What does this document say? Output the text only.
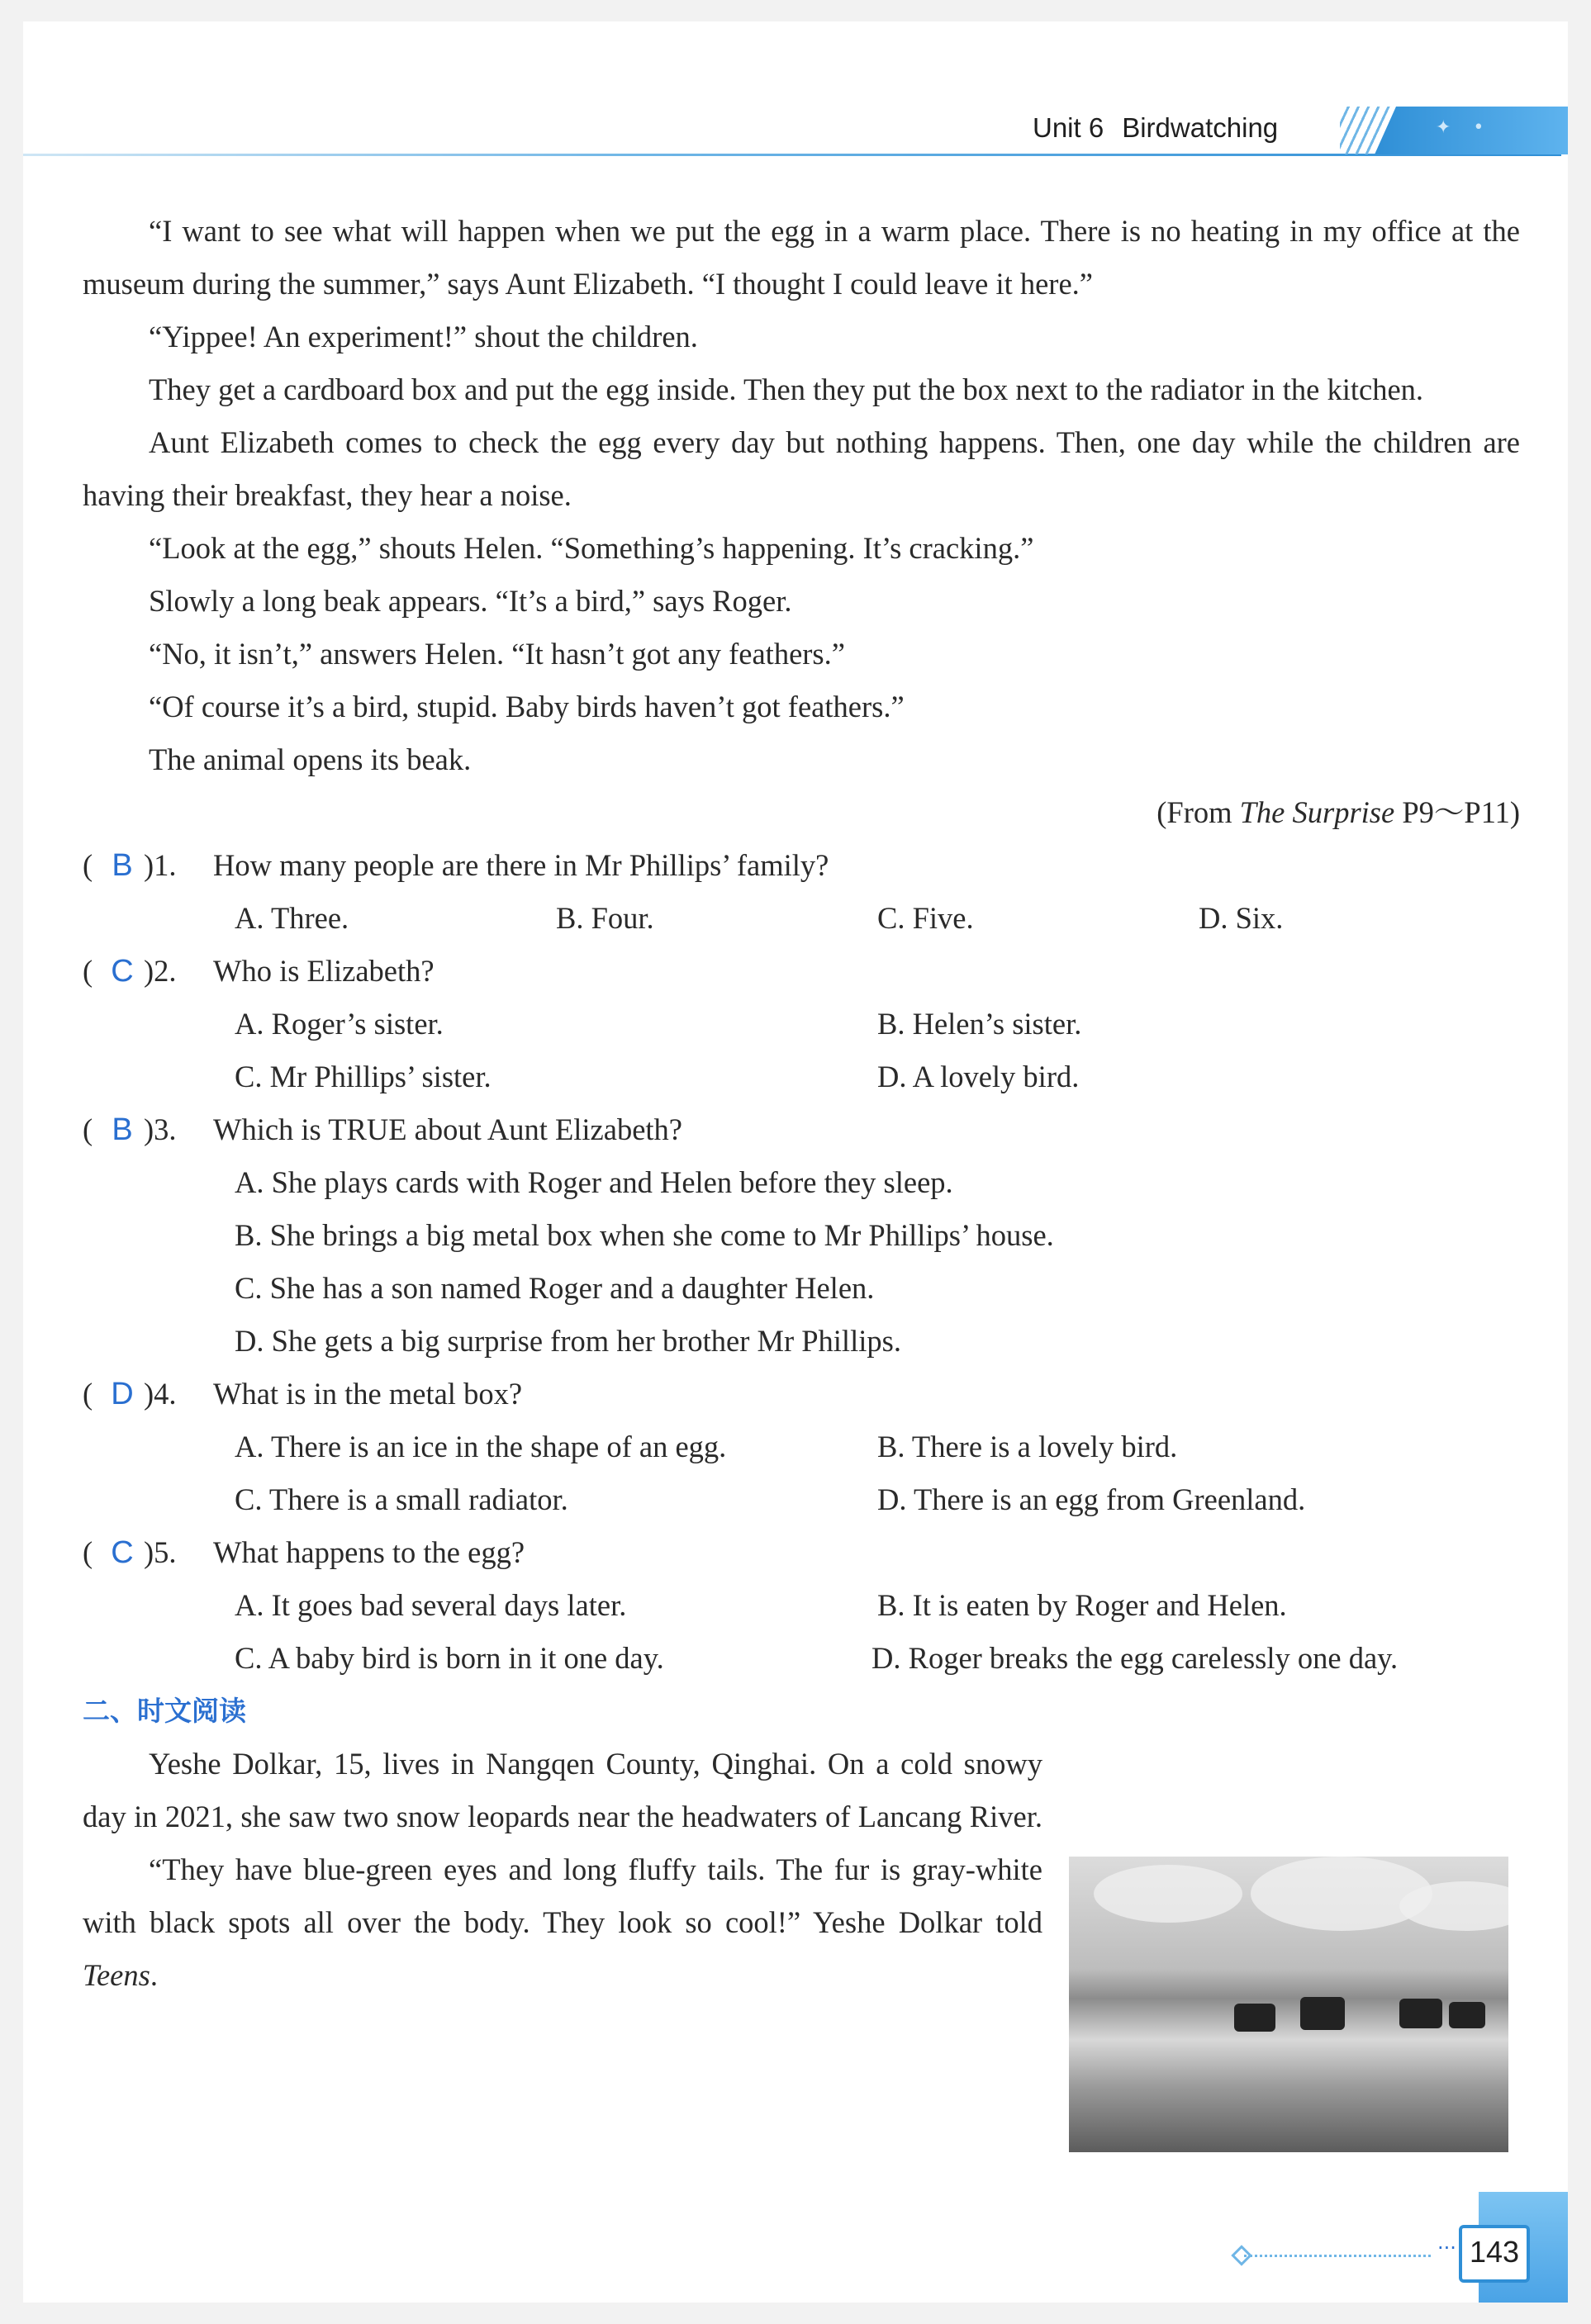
Unit 6 Birdwatching	✦ •

“I want to see what will happen when we put the egg in a warm place. There is no heating in my office at the museum during the summer,” says Aunt Elizabeth. “I thought I could leave it here.”

“Yippee! An experiment!” shout the children.

They get a cardboard box and put the egg inside. Then they put the box next to the radiator in the kitchen.

Aunt Elizabeth comes to check the egg every day but nothing happens. Then, one day while the children are having their breakfast, they hear a noise.

“Look at the egg,” shouts Helen. “Something’s happening. It’s cracking.”

Slowly a long beak appears. “It’s a bird,” says Roger.

“No, it isn’t,” answers Helen. “It hasn’t got any feathers.”

“Of course it’s a bird, stupid. Baby birds haven’t got feathers.”

The animal opens its beak.

(From The Surprise P9～P11)

( B )1.	How many people are there in Mr Phillips’ family?
A. Three.	B. Four.	C. Five.	D. Six.
( C )2.	Who is Elizabeth?
A. Roger’s sister.	B. Helen’s sister.
C. Mr Phillips’ sister.	D. A lovely bird.
( B )3.	Which is TRUE about Aunt Elizabeth?
A. She plays cards with Roger and Helen before they sleep.
B. She brings a big metal box when she come to Mr Phillips’ house.
C. She has a son named Roger and a daughter Helen.
D. She gets a big surprise from her brother Mr Phillips.
( D )4.	What is in the metal box?
A. There is an ice in the shape of an egg.	B. There is a lovely bird.
C. There is a small radiator.	D. There is an egg from Greenland.
( C )5.	What happens to the egg?
A. It goes bad several days later.	B. It is eaten by Roger and Helen.
C. A baby bird is born in it one day.	D. Roger breaks the egg carelessly one day.

二、时文阅读

Yeshe Dolkar, 15, lives in Nangqen County, Qinghai. On a cold snowy day in 2021, she saw two snow leopards near the headwaters of Lancang River.

“They have blue-green eyes and long fluffy tails. The fur is gray-white with black spots all over the body. They look so cool!” Yeshe Dolkar told Teens.

··· 143
